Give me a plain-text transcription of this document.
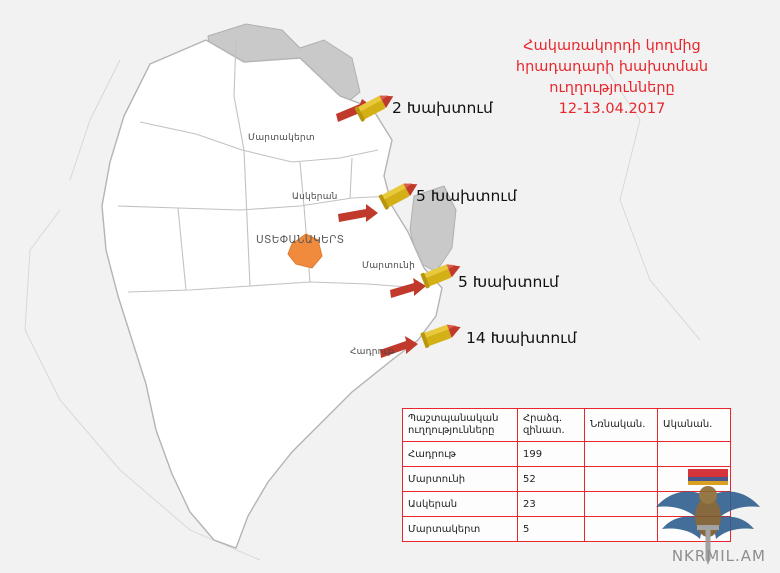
Հակառակորդի կողմից
հրադադարի խախտման
ուղղությունները
12-13.04.2017
Մարտակերտ
Ասկերան
Մարտունի
Հադրութ
ՍՏԵՓԱՆԱԿԵՐՏ
2 Խախտում
5 Խախտում
5 Խախտում
14 Խախտում
Պաշտպանական ուղղությունները	Հրաձգ. զինատ.	Նռնական.	Ականան.
Հադրութ	199		
Մարտունի	52		
Ասկերան	23		
Մարտակերտ	5		
NKRMIL.AM
